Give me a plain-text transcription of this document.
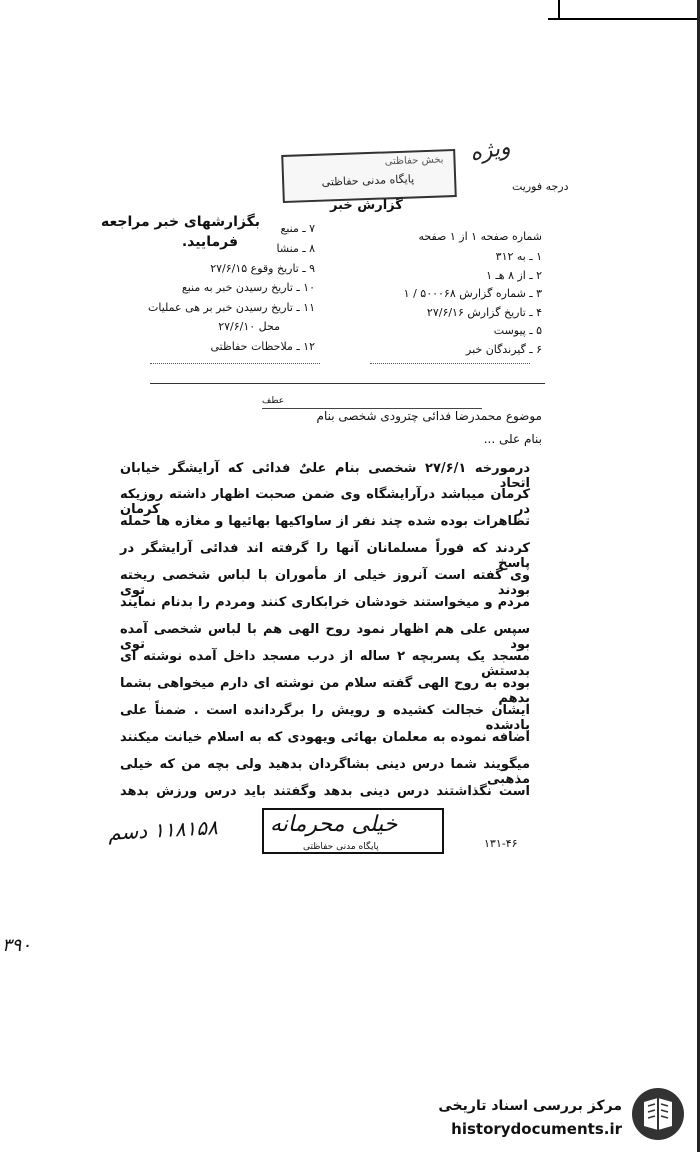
ویژه
درجه فوریت
بخش حفاظتی
پایگاه مدنی حفاظتی
گزارش خبر
بگزارشهای خبر مراجعه
فرمایید.
۷ ـ منبع
۸ ـ منشا
۹ ـ تاریخ وقوع ۲۷/۶/۱۵
۱۰ ـ تاریخ رسیدن خبر به منبع
۱۱ ـ تاریخ رسیدن خبر بر هی عملیات
محل ۲۷/۶/۱۰
۱۲ ـ ملاحظات حفاظتی
شماره صفحه ۱ از ۱ صفحه
۱ ـ به ۳۱۲
۲ ـ از ۸ هـ ۱
۳ ـ شماره گزارش ۵۰۰۰۶۸ / ۱
۴ ـ تاریخ گزارش ۲۷/۶/۱۶
۵ ـ پیوست
۶ ـ گیرندگان خبر
عطف
موضوع محمدرضا فدائی چترودی شخصی بنام
بنام علی ...
درمورخه ۲۷/۶/۱ شخصی بنام علیٌ فدائی که آرایشگر خیابان اتحاد
کرمان میباشد درآرایشگاه وی ضمن صحبت اظهار داشته روزیکه در کرمان
تظاهرات بوده شده چند نفر از ساواکیها بهائیها و مغازه ها حمله
کردند که فوراً مسلمانان آنها را گرفته اند فدائی آرایشگر در پاسخ
وی گفته است آنروز خیلی از مأموران با لباس شخصی ریخته بودند توی
مردم و میخواستند خودشان خرابکاری کنند ومردم را بدنام نمایند
سپس علی هم اظهار نمود روح الهی هم با لباس شخصی آمده بود توی
مسجد یک پسربچه ۲ ساله از درب مسجد داخل آمده نوشته ای بدستش
بوده به روح الهی گفته سلام من نوشته ای دارم میخواهی بشما بدهم
ایشان خجالت کشیده و رویش را برگردانده است . ضمناً علی یادشده
اضافه نموده به معلمان بهائی ویهودی که به اسلام خیانت میکنند
میگویند شما درس دینی بشاگردان بدهید ولی بچه من که خیلی مذهبی
است نگذاشتند درس دینی بدهد وگفتند باید درس ورزش بدهد
خیلی محرمانه
پایگاه مدنی حفاظتی
۱۱۸۱۵۸ دسم
۱۳۱-۴۶
۳۹۰
مرکز بررسی اسناد تاریخی
historydocuments.ir
